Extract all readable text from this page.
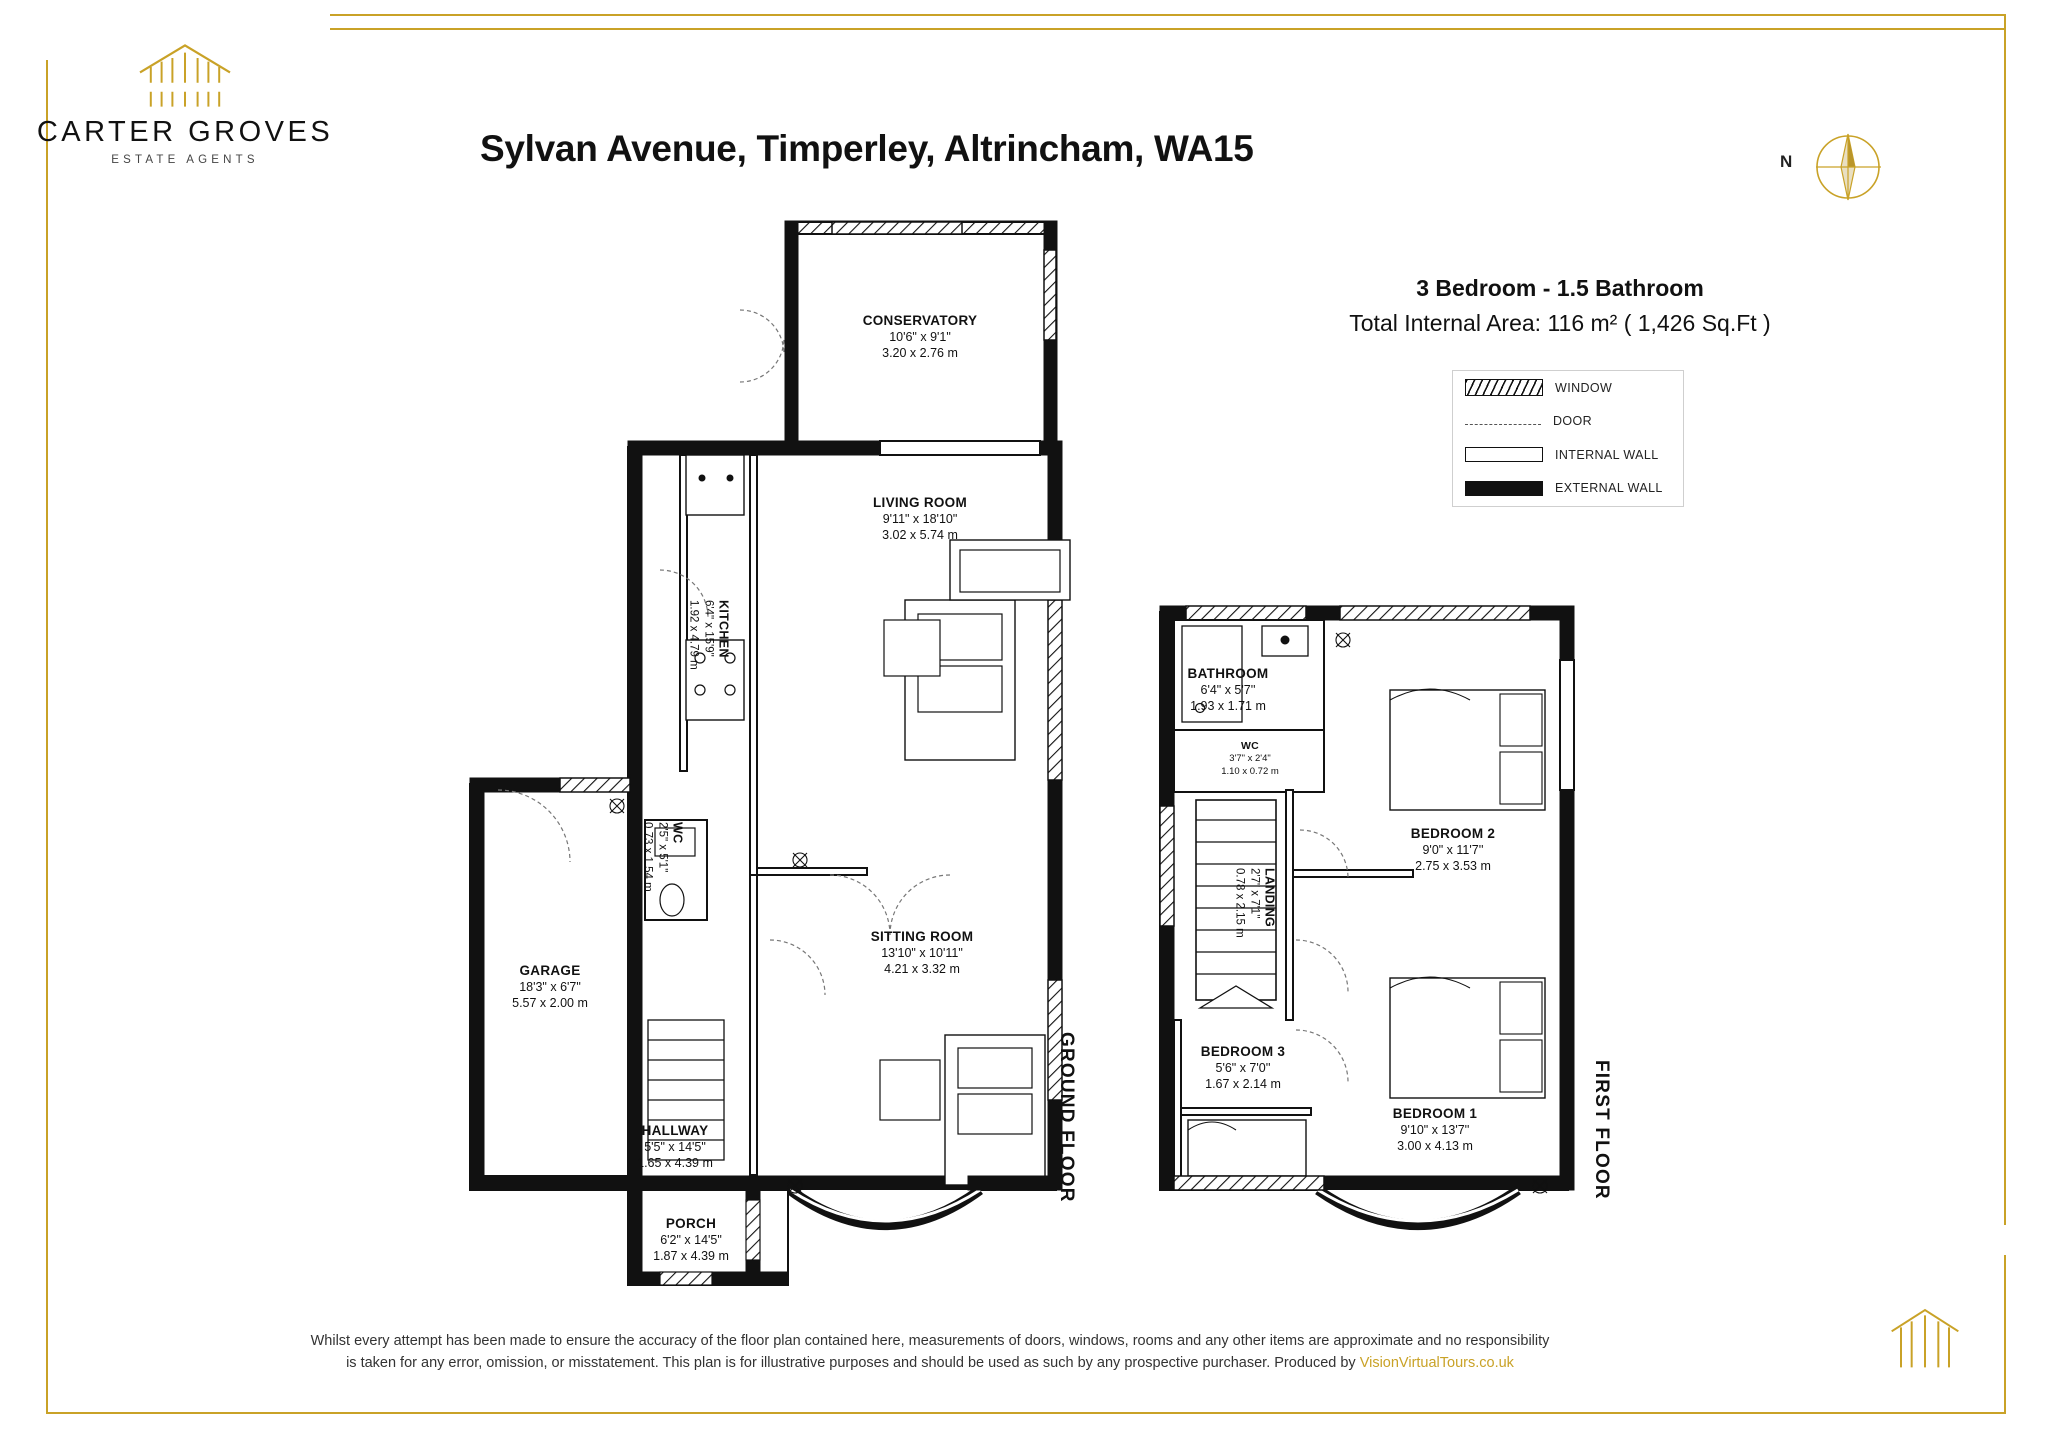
CARTER GROVES
ESTATE AGENTS	Sylvan Avenue, Timperley, Altrincham, WA15	N
3 Bedroom - 1.5 Bathroom
Total Internal Area: 116 m² ( 1,426 Sq.Ft )
WINDOW
DOOR
INTERNAL WALL
EXTERNAL WALL
CONSERVATORY
10'6" x 9'1"
3.20 x 2.76 m
LIVING ROOM
9'11" x 18'10"
3.02 x 5.74 m
KITCHEN
6'4" x 15'9"
1.92 x 4.79 m
WC
2'5" x 5'1"
0.73 x 1.54 m
GARAGE
18'3" x 6'7"
5.57 x 2.00 m
SITTING ROOM
13'10" x 10'11"
4.21 x 3.32 m
HALLWAY
5'5" x 14'5"
1.65 x 4.39 m
PORCH
6'2" x 14'5"
1.87 x 4.39 m
BATHROOM
6'4" x 5'7''
1.93 x 1.71 m
WC
3'7" x 2'4"
1.10 x 0.72 m
LANDING
2'7" x 7'1''
0.78 x 2.15 m
BEDROOM 2
9'0" x 11'7''
2.75 x 3.53 m
BEDROOM 3
5'6" x 7'0''
1.67 x 2.14 m
BEDROOM 1
9'10" x 13'7''
3.00 x 4.13 m
GROUND FLOOR	FIRST FLOOR
Whilst every attempt has been made to ensure the accuracy of the floor plan contained here, measurements of doors, windows, rooms and any other items are approximate and no responsibility
is taken for any error, omission, or misstatement. This plan is for illustrative purposes and should be used as such by any prospective purchaser. Produced by VisionVirtualTours.co.uk
